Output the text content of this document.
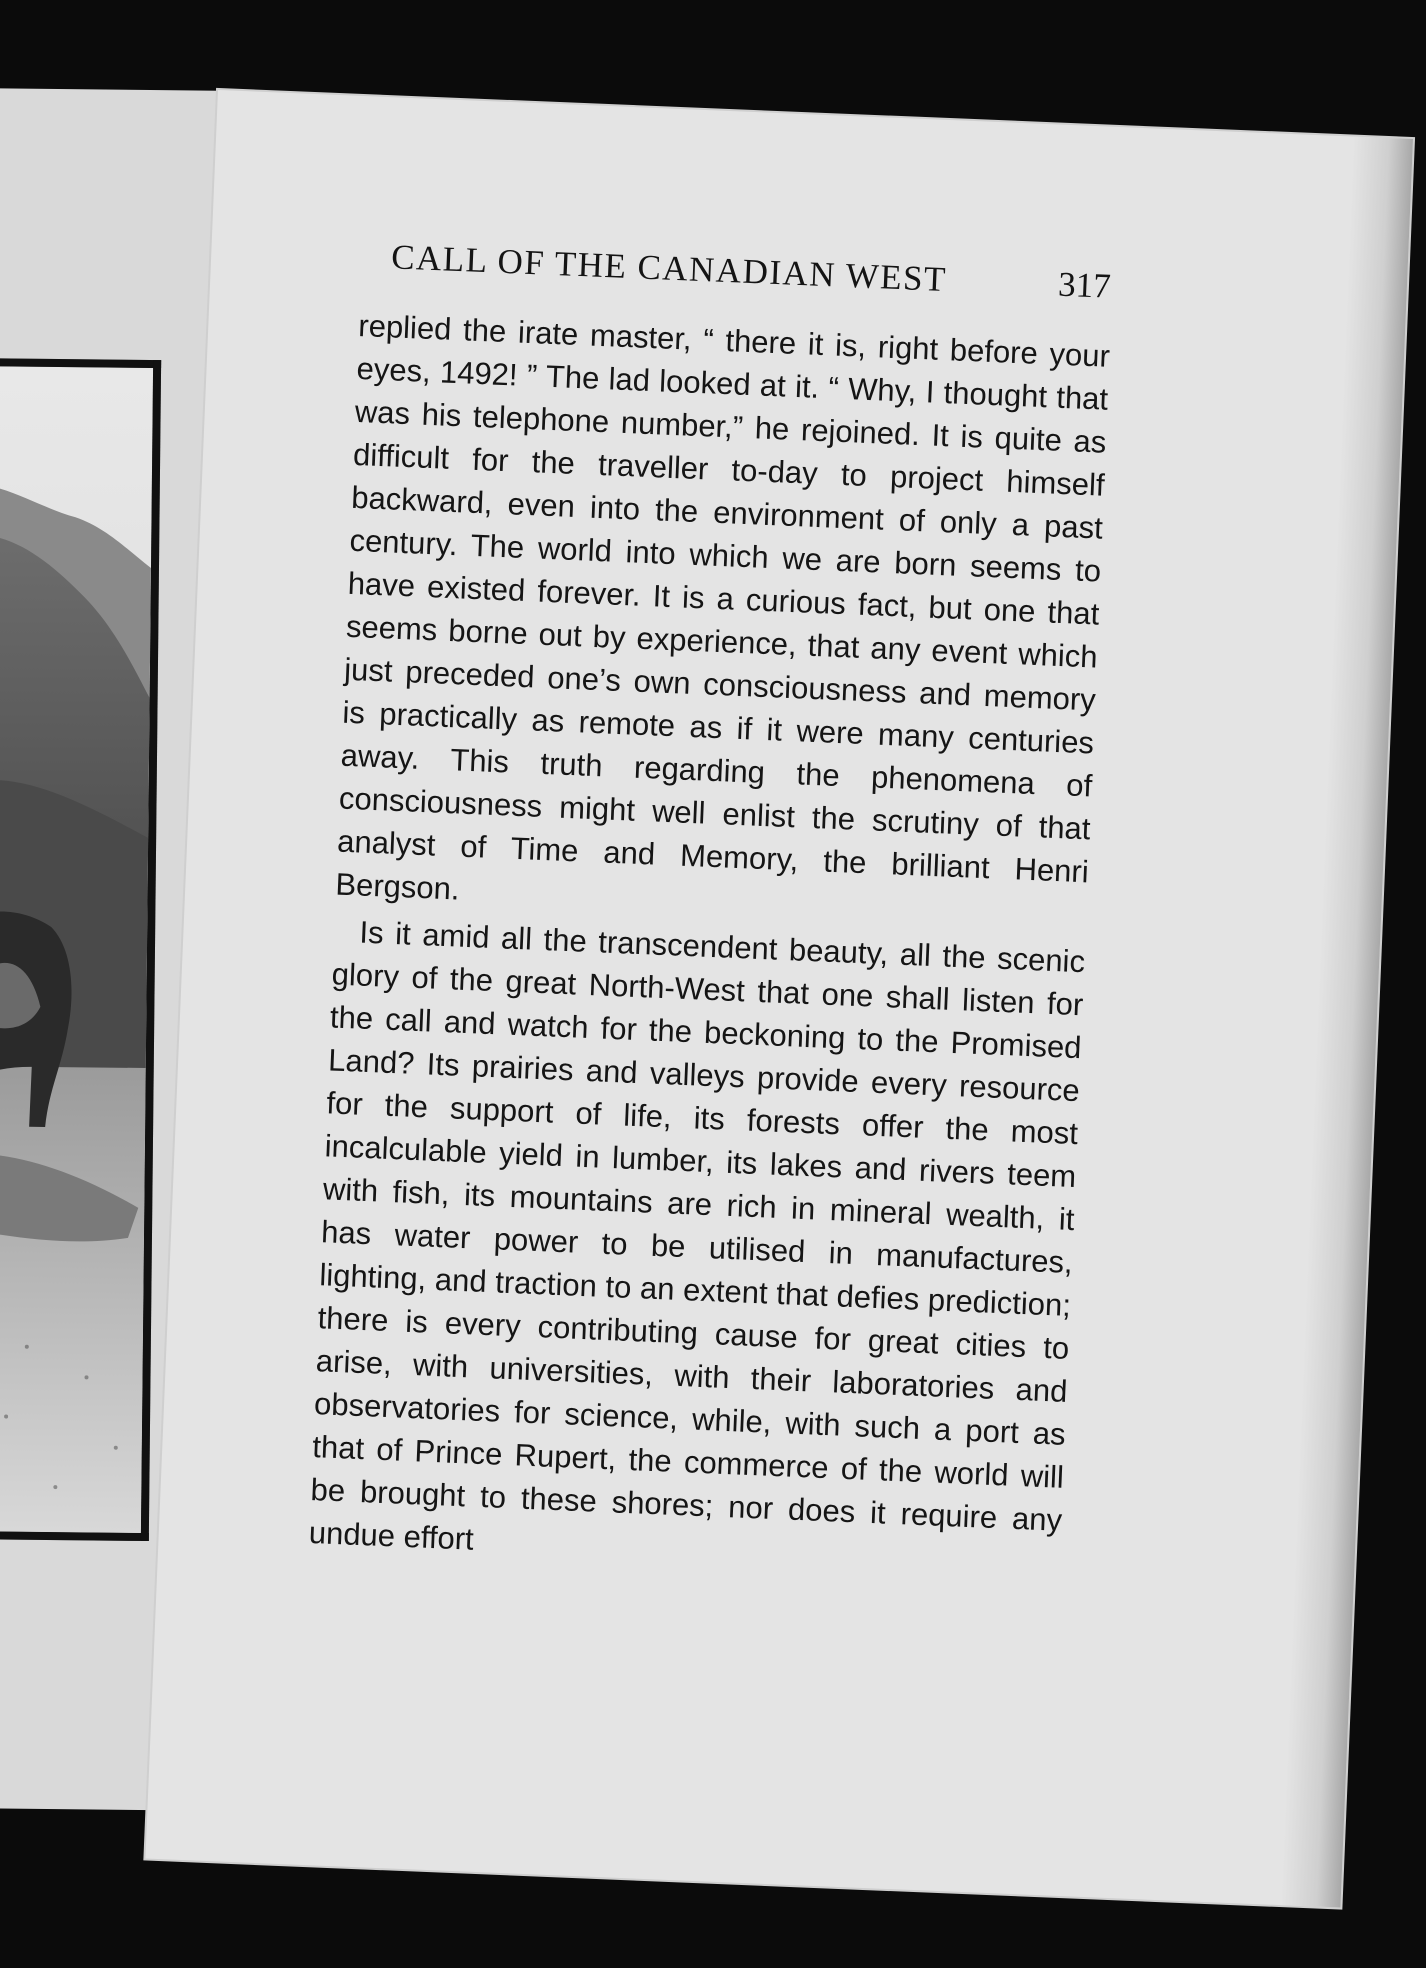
CALL OF THE CANADIAN WEST	317

replied the irate master, “ there it is, right before your eyes, 1492! ” The lad looked at it. “ Why, I thought that was his telephone number,” he rejoined. It is quite as difficult for the traveller to-day to project himself backward, even into the environment of only a past century. The world into which we are born seems to have existed forever. It is a curious fact, but one that seems borne out by experience, that any event which just preceded one’s own consciousness and memory is practically as remote as if it were many centuries away. This truth regarding the phenomena of consciousness might well enlist the scrutiny of that analyst of Time and Memory, the brilliant Henri Bergson.

Is it amid all the transcendent beauty, all the scenic glory of the great North-West that one shall listen for the call and watch for the beckoning to the Promised Land? Its prairies and valleys provide every resource for the support of life, its forests offer the most incalculable yield in lumber, its lakes and rivers teem with fish, its mountains are rich in mineral wealth, it has water power to be utilised in manufactures, lighting, and traction to an extent that defies prediction; there is every contributing cause for great cities to arise, with universities, with their laboratories and observatories for science, while, with such a port as that of Prince Rupert, the commerce of the world will be brought to these shores; nor does it require any undue effort
